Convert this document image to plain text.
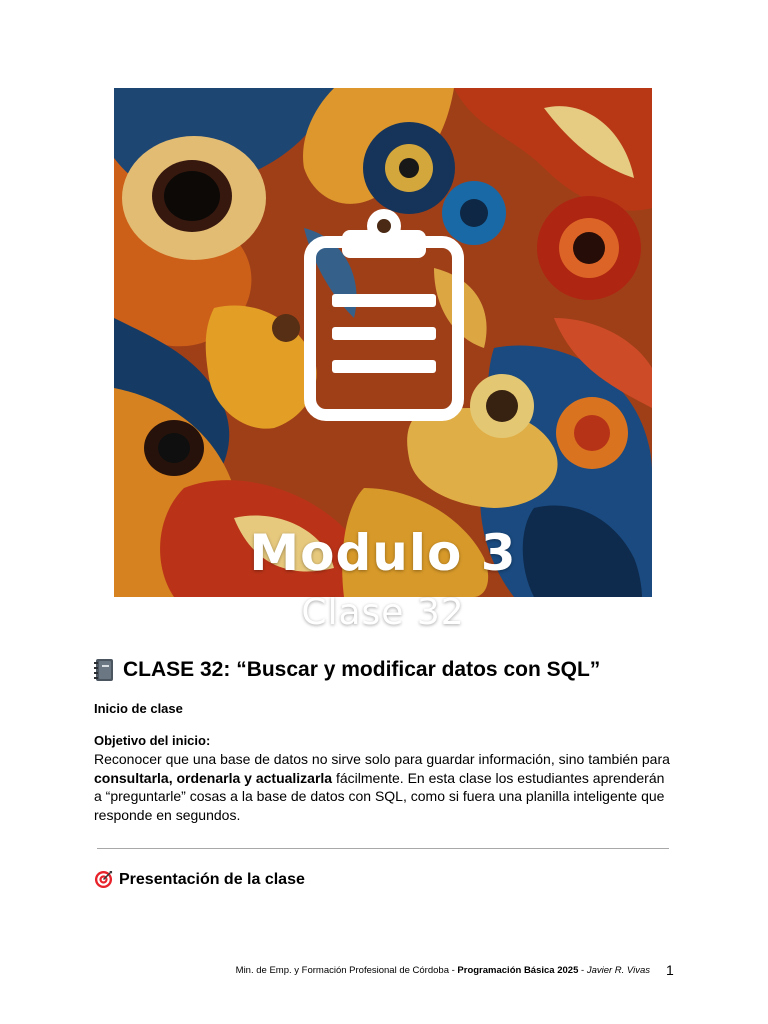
Modulo 3
Clase 32
CLASE 32: “Buscar y modificar datos con SQL”
Inicio de clase
Objetivo del inicio:
Reconocer que una base de datos no sirve solo para guardar información, sino también para consultarla, ordenarla y actualizarla fácilmente. En esta clase los estudiantes aprenderán a “preguntarle” cosas a la base de datos con SQL, como si fuera una planilla inteligente que responde en segundos.
Presentación de la clase
Min. de Emp. y Formación Profesional de Córdoba - Programación Básica 2025 - Javier R. Vivas 1
